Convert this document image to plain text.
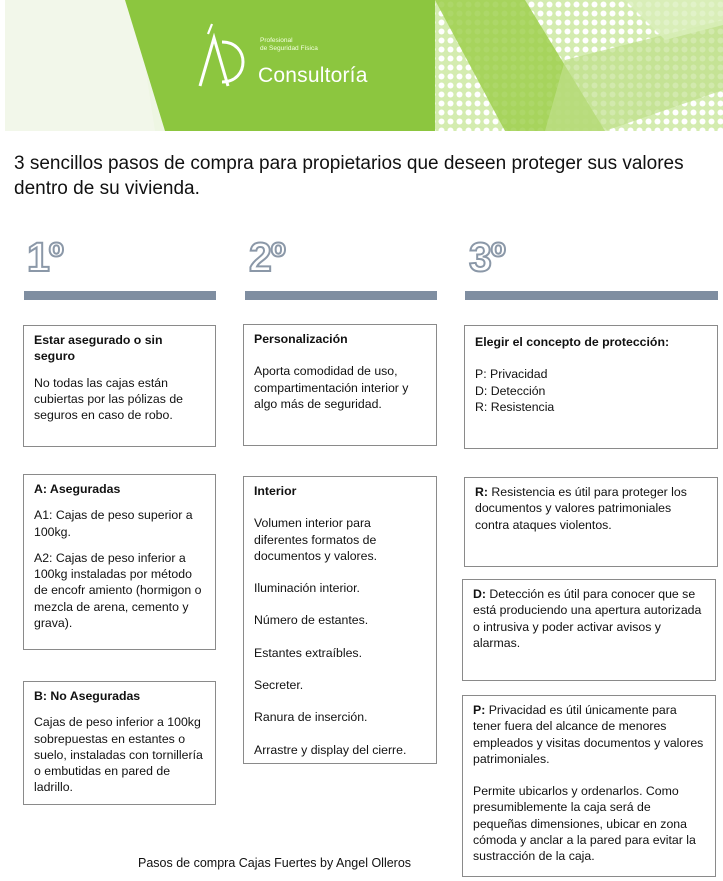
Profesional
de Seguridad Física
Consultoría
3 sencillos pasos de compra para propietarios que deseen proteger sus valores dentro de su vivienda.
1º	2º	3º

Estar asegurado o sin seguro

No todas las cajas están cubiertas por las pólizas de seguros en caso de robo.

A: Aseguradas

A1: Cajas de peso superior a 100kg.

A2: Cajas de peso inferior a 100kg instaladas por método de encofr amiento (hormigon o mezcla de arena, cemento y grava).

B: No Aseguradas

Cajas de peso inferior a 100kg sobrepuestas en estantes o suelo, instaladas con tornillería o embutidas en pared de ladrillo.

Personalización

Aporta comodidad de uso, compartimentación interior y algo más de seguridad.

Interior

Volumen interior para diferentes formatos de documentos y valores.

Iluminación interior.

Número de estantes.

Estantes extraíbles.

Secreter.

Ranura de inserción.

Arrastre y display del cierre.

Elegir el concepto de protección:

P: Privacidad

D: Detección

R: Resistencia

R: Resistencia es útil para proteger los documentos y valores patrimoniales contra ataques violentos.

D: Detección es útil para conocer que se está produciendo una apertura autorizada o intrusiva y poder activar avisos y alarmas.

P: Privacidad es útil únicamente para tener fuera del alcance de menores empleados y visitas documentos y valores patrimoniales.

Permite ubicarlos y ordenarlos. Como presumiblemente la caja será de pequeñas dimensiones, ubicar en zona cómoda y anclar a la pared para evitar la sustracción de la caja.

Pasos de compra Cajas Fuertes by Angel Olleros
